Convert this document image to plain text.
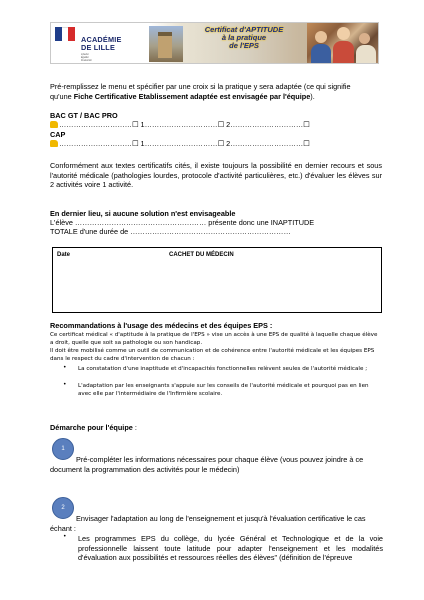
ACADÉMIE
DE LILLE
Liberté
Égalité
Fraternité
Certificat d'APTITUDE
à la pratique
de l'EPS
Pré-remplissez le menu et spécifier par une croix si la pratique y sera adaptée (ce qui signifie
qu'une Fiche Certificative Etablissement adaptée est envisagée par l'équipe).
BAC GT / BAC PRO
…………………………☐ 1…………………………☐ 2…………………………☐
CAP
…………………………☐ 1…………………………☐ 2…………………………☐
Conformément aux textes certificatifs cités, il existe toujours la possibilité en dernier recours et sous l'autorité médicale (pathologies lourdes, protocole d'activité particulières, etc.) d'évaluer les élèves sur 2 activités voire 1 activité.
En dernier lieu, si aucune solution n'est envisageable
L'élève ……………………………………………… présente donc une INAPTITUDE
TOTALE d'une durée de …………………………………………………………
Date	CACHET DU MÉDECIN
Recommandations à l'usage des médecins et des équipes EPS :
Ce certificat médical « d'aptitude à la pratique de l'EPS » vise un accès à une EPS de qualité à laquelle chaque élève a droit, quelle que soit sa pathologie ou son handicap.
Il doit être mobilisé comme un outil de communication et de cohérence entre l'autorité médicale et les équipes EPS dans le respect du cadre d'intervention de chacun :
• La constatation d'une inaptitude et d'incapacités fonctionnelles relèvent seules de l'autorité médicale ;
• L'adaptation par les enseignants s'appuie sur les conseils de l'autorité médicale et pourquoi pas en lien avec elle par l'intermédiaire de l'Infirmière scolaire.
Démarche pour l'équipe :
1
Pré-compléter les informations nécessaires pour chaque élève (vous pouvez joindre à ce document la programmation des activités pour le médecin)
2
Envisager l'adaptation au long de l'enseignement et jusqu'à l'évaluation certificative le cas échant :
• Les programmes EPS du collège, du lycée Général et Technologique et de la voie professionnelle laissent toute latitude pour adapter l'enseignement et les modalités d'évaluation aux possibilités et ressources réelles des élèves" (définition de l'épreuve
